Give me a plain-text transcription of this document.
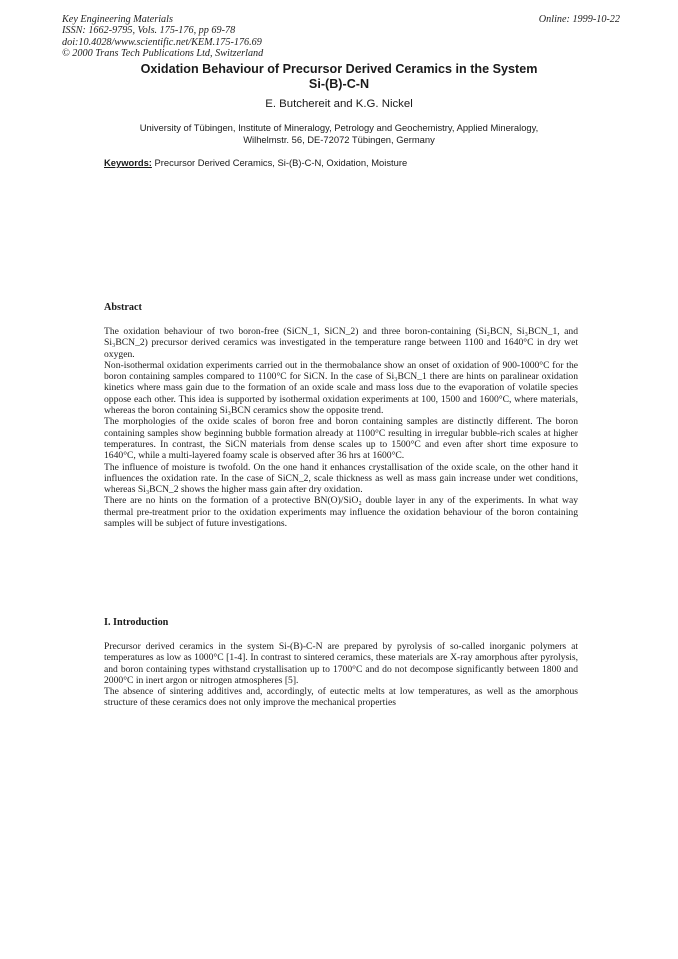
Key Engineering Materials
ISSN: 1662-9795, Vols. 175-176, pp 69-78
doi:10.4028/www.scientific.net/KEM.175-176.69
© 2000 Trans Tech Publications Ltd, Switzerland
Online: 1999-10-22
Oxidation Behaviour of Precursor Derived Ceramics in the System
Si-(B)-C-N
E. Butchereit and K.G. Nickel
University of Tübingen, Institute of Mineralogy, Petrology and Geochemistry, Applied Mineralogy,
Wilhelmstr. 56, DE-72072 Tübingen, Germany
Keywords: Precursor Derived Ceramics, Si-(B)-C-N, Oxidation, Moisture
Abstract

The oxidation behaviour of two boron-free (SiCN_1, SiCN_2) and three boron-containing (Si₂BCN, Si₃BCN_1, and Si₃BCN_2) precursor derived ceramics was investigated in the temperature range between 1100 and 1640°C in dry wet oxygen.

Non-isothermal oxidation experiments carried out in the thermobalance show an onset of oxidation of 900-1000°C for the boron containing samples compared to 1100°C for SiCN. In the case of Si₃BCN_1 there are hints on paralinear oxidation kinetics where mass gain due to the formation of an oxide scale and mass loss due to the evaporation of volatile species oppose each other. This idea is supported by isothermal oxidation experiments at 100, 1500 and 1600°C, where materials, whereas the boron containing Si₃BCN ceramics show the opposite trend.

The morphologies of the oxide scales of boron free and boron containing samples are distinctly different. The boron containing samples show beginning bubble formation already at 1100°C resulting in irregular bubble-rich scales at higher temperatures. In contrast, the SiCN materials from dense scales up to 1500°C and even after short time exposure to 1640°C, while a multi-layered foamy scale is observed after 36 hrs at 1600°C.

The influence of moisture is twofold. On the one hand it enhances crystallisation of the oxide scale, on the other hand it influences the oxidation rate. In the case of SiCN_2, scale thickness as well as mass gain increase under wet conditions, whereas Si₃BCN_2 shows the higher mass gain after dry oxidation.

There are no hints on the formation of a protective BN(O)/SiO₂ double layer in any of the experiments. In what way thermal pre-treatment prior to the oxidation experiments may influence the oxidation behaviour of the boron containing samples will be subject of future investigations.

I. Introduction

Precursor derived ceramics in the system Si-(B)-C-N are prepared by pyrolysis of so-called inorganic polymers at temperatures as low as 1000°C [1-4]. In contrast to sintered ceramics, these materials are X-ray amorphous after pyrolysis, and boron containing types withstand crystallisation up to 1700°C and do not decompose significantly between 1800 and 2000°C in inert argon or nitrogen atmospheres [5].

The absence of sintering additives and, accordingly, of eutectic melts at low temperatures, as well as the amorphous structure of these ceramics does not only improve the mechanical properties
